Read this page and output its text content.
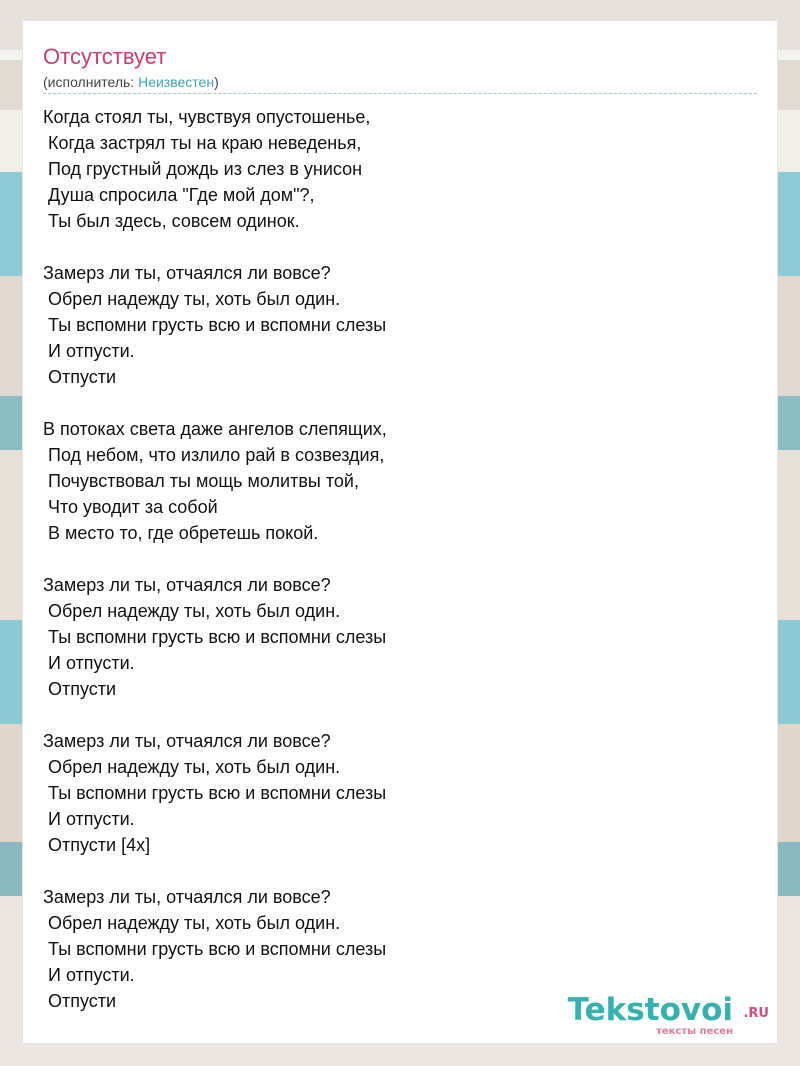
Отсутствует
(исполнитель: Неизвестен)
Когда стоял ты, чувствуя опустошенье,
Когда застрял ты на краю неведенья,
Под грустный дождь из слез в унисон
Душа спросила "Где мой дом"?,
Ты был здесь, совсем одинок.

Замерз ли ты, отчаялся ли вовсе?
Обрел надежду ты, хоть был один.
Ты вспомни грусть всю и вспомни слезы
И отпусти.
Отпусти

В потоках света даже ангелов слепящих,
Под небом, что излило рай в созвездия,
Почувствовал ты мощь молитвы той,
Что уводит за собой
В место то, где обретешь покой.

Замерз ли ты, отчаялся ли вовсе?
Обрел надежду ты, хоть был один.
Ты вспомни грусть всю и вспомни слезы
И отпусти.
Отпусти

Замерз ли ты, отчаялся ли вовсе?
Обрел надежду ты, хоть был один.
Ты вспомни грусть всю и вспомни слезы
И отпусти.
Отпусти [4x]

Замерз ли ты, отчаялся ли вовсе?
Обрел надежду ты, хоть был один.
Ты вспомни грусть всю и вспомни слезы
И отпусти.
Отпусти	Tekstovoi .RU
тексты песен
